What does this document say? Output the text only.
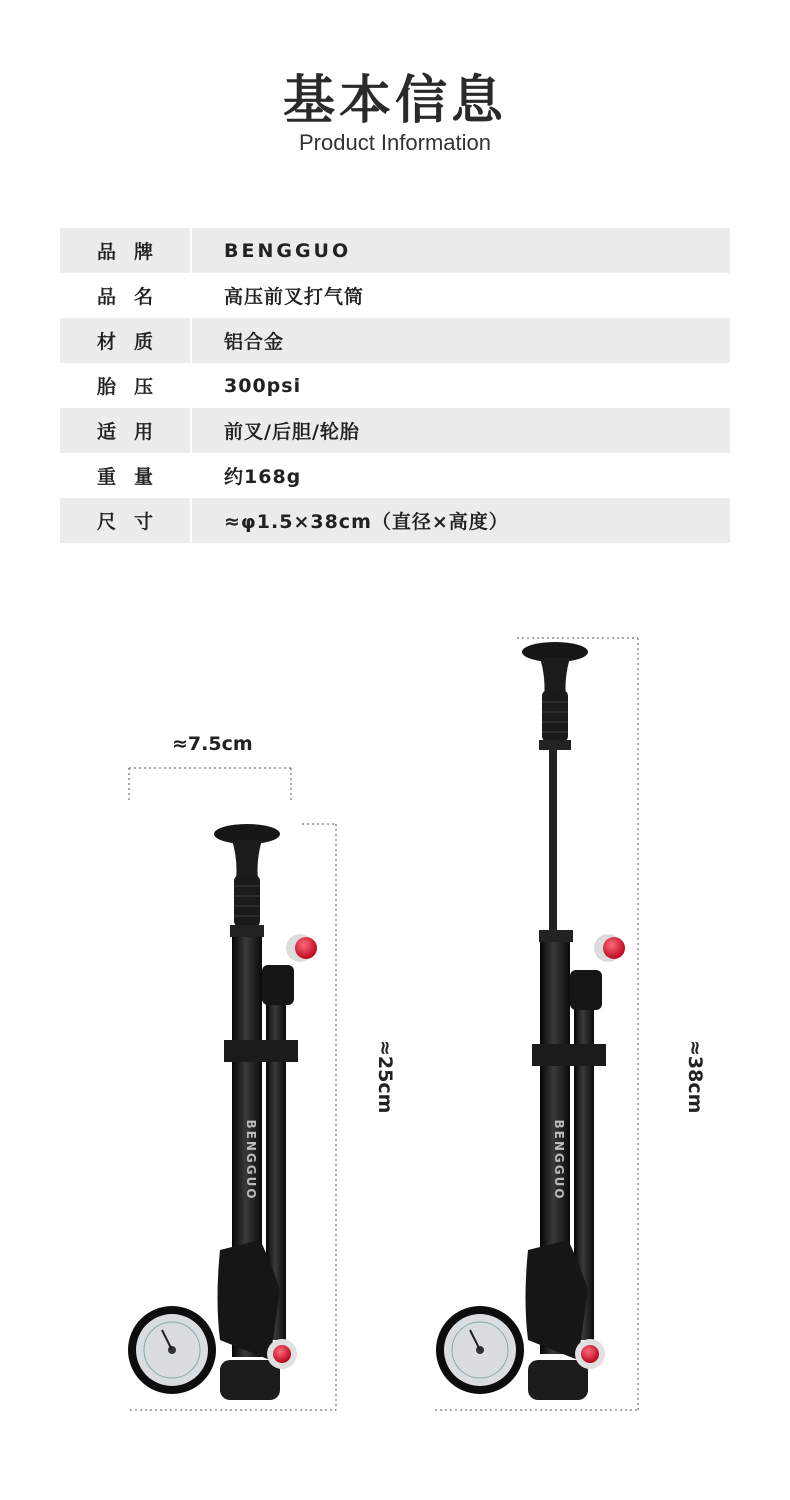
基本信息
Product Information
品牌	BENGGUO
品名	高压前叉打气筒
材质	铝合金
胎压	300psi
适用	前叉/后胆/轮胎
重量	约168g
尺寸	≈φ1.5×38cm（直径×高度）
≈7.5cm
≈25cm	≈38cm
BENGGUO	BENGGUO
